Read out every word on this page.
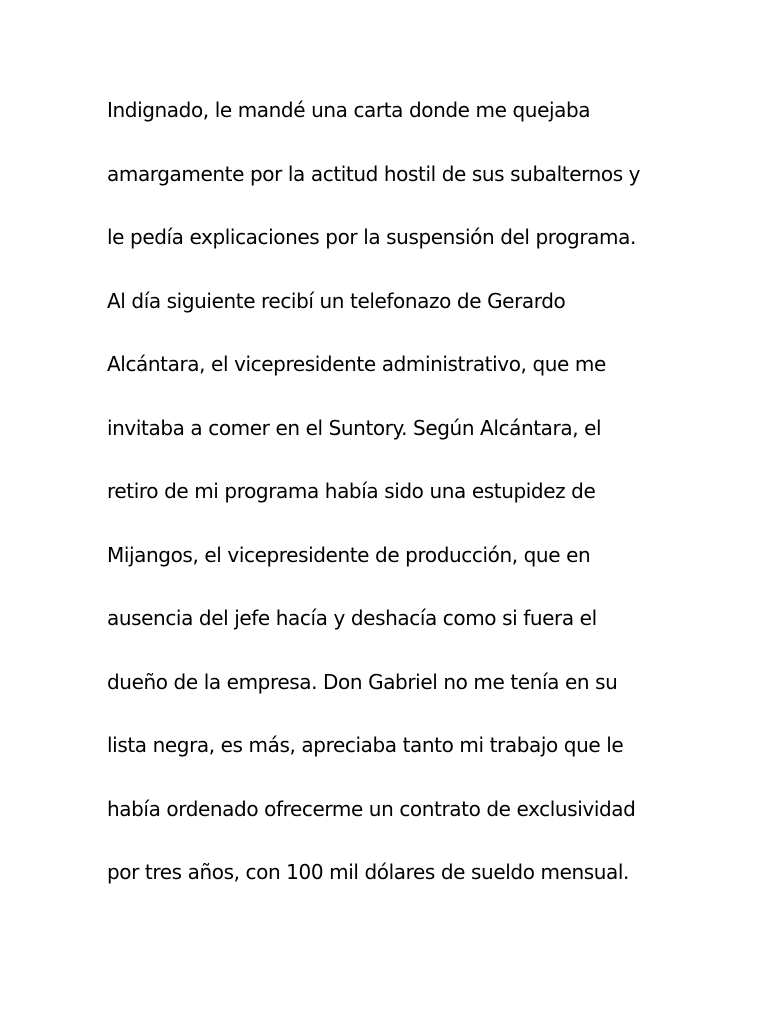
Indignado, le mandé una carta donde me quejaba
amargamente por la actitud hostil de sus subalternos y
le pedía explicaciones por la suspensión del programa.
Al día siguiente recibí un telefonazo de Gerardo
Alcántara, el vicepresidente administrativo, que me
invitaba a comer en el Suntory. Según Alcántara, el
retiro de mi programa había sido una estupidez de
Mijangos, el vicepresidente de producción, que en
ausencia del jefe hacía y deshacía como si fuera el
dueño de la empresa. Don Gabriel no me tenía en su
lista negra, es más, apreciaba tanto mi trabajo que le
había ordenado ofrecerme un contrato de exclusividad
por tres años, con 100 mil dólares de sueldo mensual.
